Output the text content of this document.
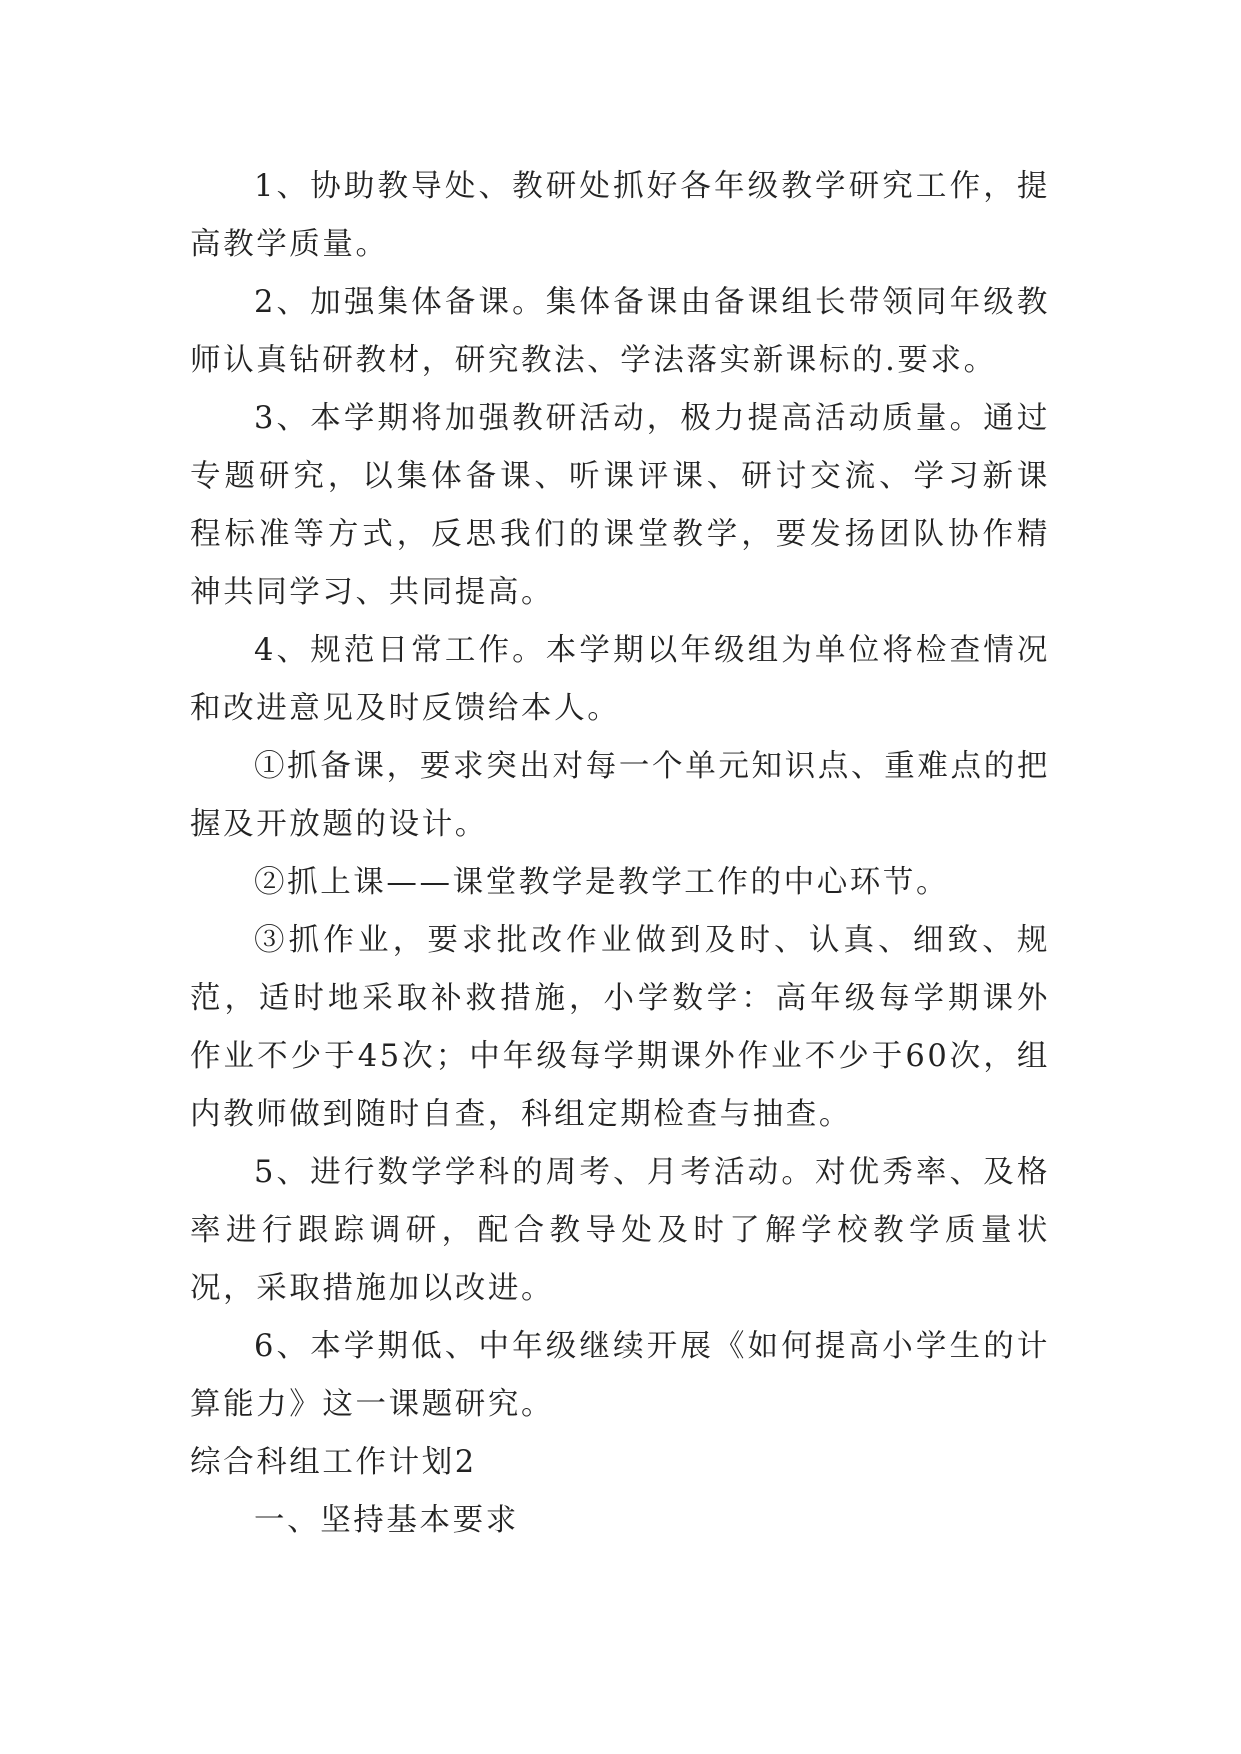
1、协助教导处、教研处抓好各年级教学研究工作，提高教学质量。

2、加强集体备课。集体备课由备课组长带领同年级教师认真钻研教材，研究教法、学法落实新课标的.要求。

3、本学期将加强教研活动，极力提高活动质量。通过专题研究，以集体备课、听课评课、研讨交流、学习新课程标准等方式，反思我们的课堂教学，要发扬团队协作精神共同学习、共同提高。

4、规范日常工作。本学期以年级组为单位将检查情况和改进意见及时反馈给本人。

①抓备课，要求突出对每一个单元知识点、重难点的把握及开放题的设计。

②抓上课——课堂教学是教学工作的中心环节。

③抓作业，要求批改作业做到及时、认真、细致、规范，适时地采取补救措施，小学数学：高年级每学期课外作业不少于45次；中年级每学期课外作业不少于60次，组内教师做到随时自查，科组定期检查与抽查。

5、进行数学学科的周考、月考活动。对优秀率、及格率进行跟踪调研，配合教导处及时了解学校教学质量状况，采取措施加以改进。

6、本学期低、中年级继续开展《如何提高小学生的计算能力》这一课题研究。

综合科组工作计划2

一、坚持基本要求
